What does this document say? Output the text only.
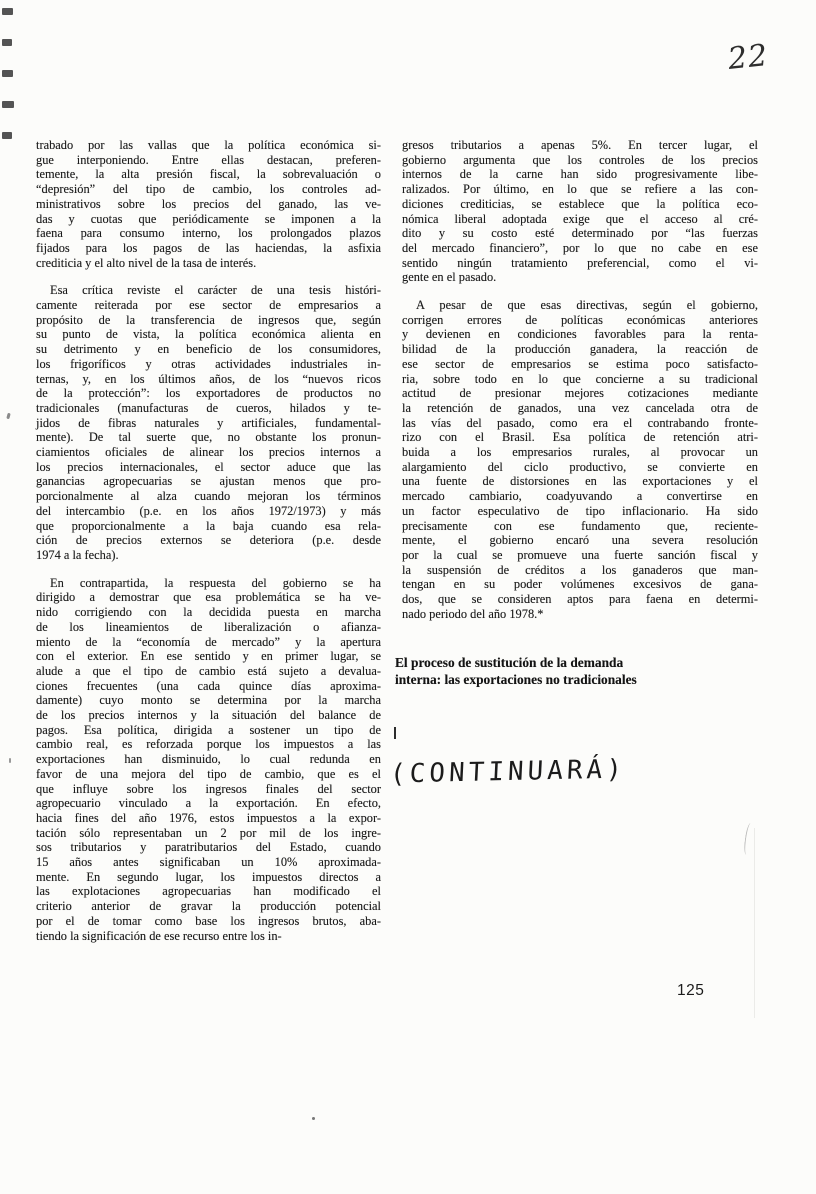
22
trabado por las vallas que la política económica si-
gue interponiendo. Entre ellas destacan, preferen-
temente, la alta presión fiscal, la sobrevaluación o
“depresión” del tipo de cambio, los controles ad-
ministrativos sobre los precios del ganado, las ve-
das y cuotas que periódicamente se imponen a la
faena para consumo interno, los prolongados plazos
fijados para los pagos de las haciendas, la asfixia
crediticia y el alto nivel de la tasa de interés.
Esa crítica reviste el carácter de una tesis históri-
camente reiterada por ese sector de empresarios a
propósito de la transferencia de ingresos que, según
su punto de vista, la política económica alienta en
su detrimento y en beneficio de los consumidores,
los frigoríficos y otras actividades industriales in-
ternas, y, en los últimos años, de los “nuevos ricos
de la protección”: los exportadores de productos no
tradicionales (manufacturas de cueros, hilados y te-
jidos de fibras naturales y artificiales, fundamental-
mente). De tal suerte que, no obstante los pronun-
ciamientos oficiales de alinear los precios internos a
los precios internacionales, el sector aduce que las
ganancias agropecuarias se ajustan menos que pro-
porcionalmente al alza cuando mejoran los términos
del intercambio (p.e. en los años 1972/1973) y más
que proporcionalmente a la baja cuando esa rela-
ción de precios externos se deteriora (p.e. desde
1974 a la fecha).
En contrapartida, la respuesta del gobierno se ha
dirigido a demostrar que esa problemática se ha ve-
nido corrigiendo con la decidida puesta en marcha
de los lineamientos de liberalización o afianza-
miento de la “economía de mercado” y la apertura
con el exterior. En ese sentido y en primer lugar, se
alude a que el tipo de cambio está sujeto a devalua-
ciones frecuentes (una cada quince días aproxima-
damente) cuyo monto se determina por la marcha
de los precios internos y la situación del balance de
pagos. Esa política, dirigida a sostener un tipo de
cambio real, es reforzada porque los impuestos a las
exportaciones han disminuido, lo cual redunda en
favor de una mejora del tipo de cambio, que es el
que influye sobre los ingresos finales del sector
agropecuario vinculado a la exportación. En efecto,
hacia fines del año 1976, estos impuestos a la expor-
tación sólo representaban un 2 por mil de los ingre-
sos tributarios y paratributarios del Estado, cuando
15 años antes significaban un 10% aproximada-
mente. En segundo lugar, los impuestos directos a
las explotaciones agropecuarias han modificado el
criterio anterior de gravar la producción potencial
por el de tomar como base los ingresos brutos, aba-
tiendo la significación de ese recurso entre los in-
gresos tributarios a apenas 5%. En tercer lugar, el
gobierno argumenta que los controles de los precios
internos de la carne han sido progresivamente libe-
ralizados. Por último, en lo que se refiere a las con-
diciones crediticias, se establece que la política eco-
nómica liberal adoptada exige que el acceso al cré-
dito y su costo esté determinado por “las fuerzas
del mercado financiero”, por lo que no cabe en ese
sentido ningún tratamiento preferencial, como el vi-
gente en el pasado.
A pesar de que esas directivas, según el gobierno,
corrigen errores de políticas económicas anteriores
y devienen en condiciones favorables para la renta-
bilidad de la producción ganadera, la reacción de
ese sector de empresarios se estima poco satisfacto-
ria, sobre todo en lo que concierne a su tradicional
actitud de presionar mejores cotizaciones mediante
la retención de ganados, una vez cancelada otra de
las vías del pasado, como era el contrabando fronte-
rizo con el Brasil. Esa política de retención atri-
buida a los empresarios rurales, al provocar un
alargamiento del ciclo productivo, se convierte en
una fuente de distorsiones en las exportaciones y el
mercado cambiario, coadyuvando a convertirse en
un factor especulativo de tipo inflacionario. Ha sido
precisamente con ese fundamento que, reciente-
mente, el gobierno encaró una severa resolución
por la cual se promueve una fuerte sanción fiscal y
la suspensión de créditos a los ganaderos que man-
tengan en su poder volúmenes excesivos de gana-
dos, que se consideren aptos para faena en determi-
nado periodo del año 1978.*
El proceso de sustitución de la demanda
interna: las exportaciones no tradicionales
(CONTINUARÁ)
125
